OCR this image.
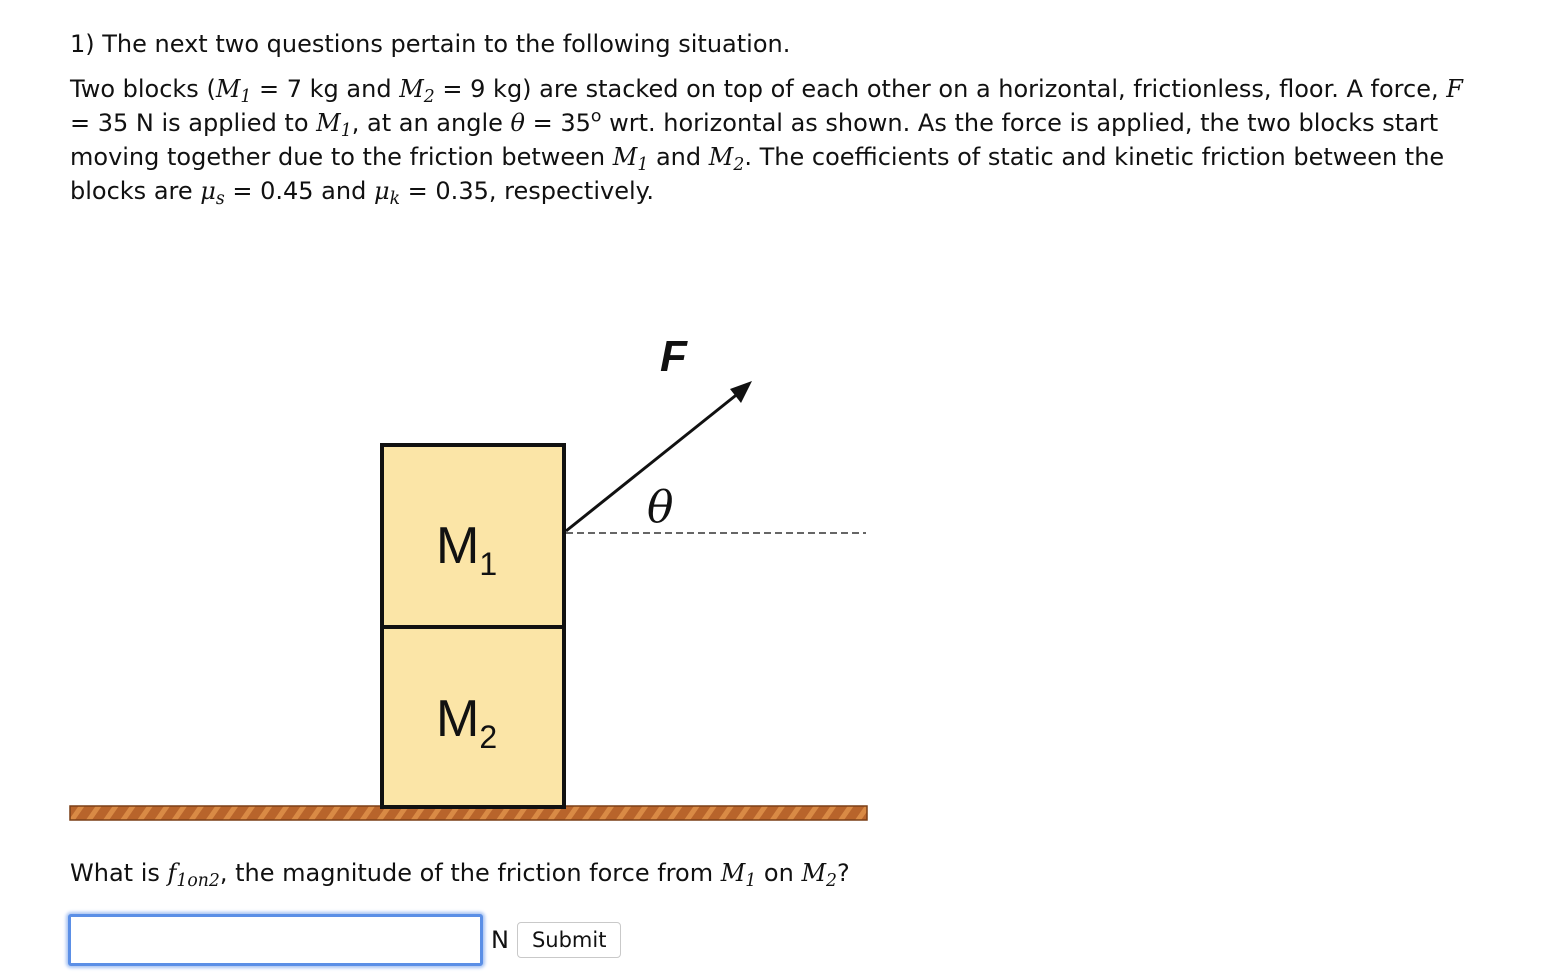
1) The next two questions pertain to the following situation.

Two blocks ($M_1 = 7$ kg and $M_2 = 9$ kg) are stacked on top of each other on a horizontal, frictionless, floor. A force, F = 35 N is applied to $M_1$, at an angle $\theta = 35^o$ wrt. horizontal as shown. As the force is applied, the two blocks start moving together due to the friction between $M_1$ and $M_2$. The coefficients of static and kinetic friction between the blocks are $\mu_s = 0.45$ and $\mu_k = 0.35$, respectively.

$M_1$
$M_2$
F
θ

What is $f_{1on2}$, the magnitude of the friction force from $M_1$ on $M_2$?

N	Submit
